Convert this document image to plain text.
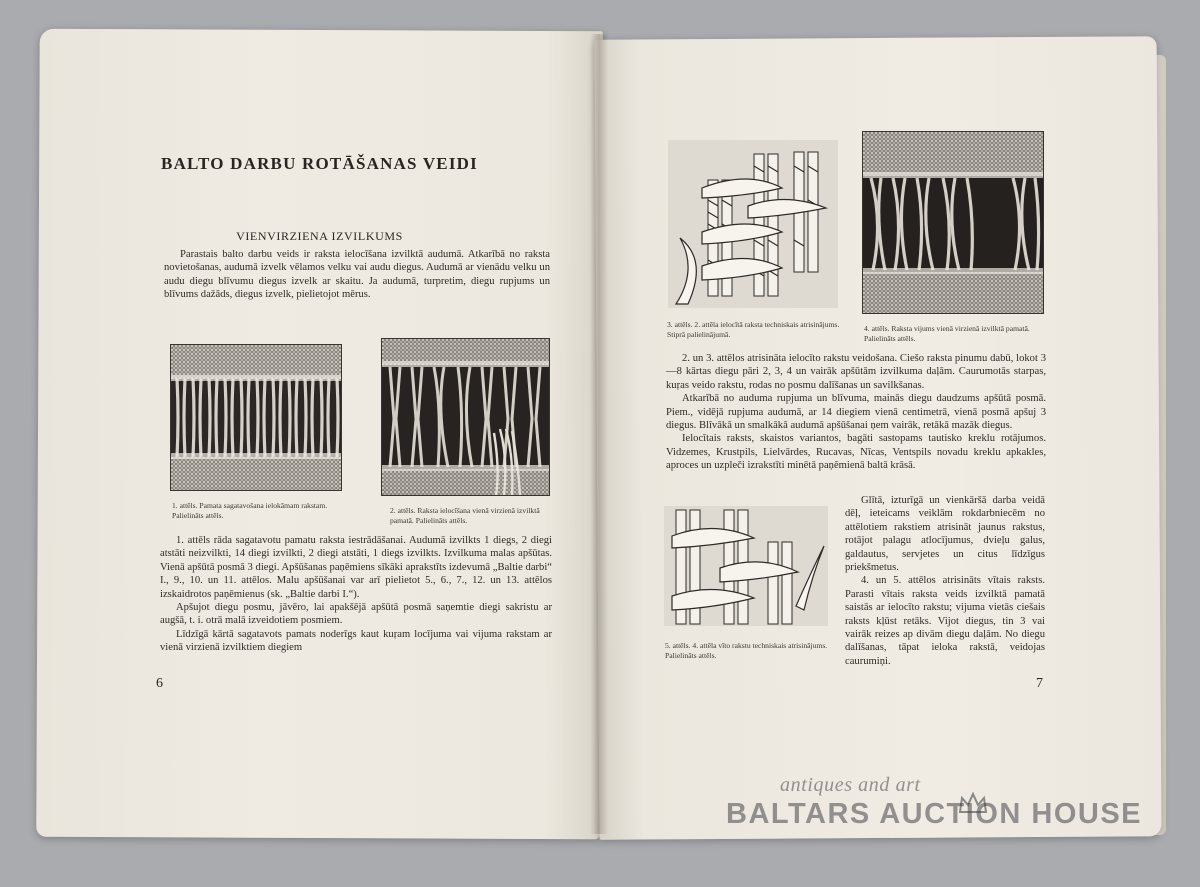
BALTO DARBU ROTĀŠANAS VEIDI
VIENVIRZIENA IZVILKUMS

Parastais balto darbu veids ir raksta ielocīšana izvilktā audumā. Atkarībā no raksta novietošanas, audumā izvelk vēlamos velku vai audu diegus. Audumā ar vienādu velku un audu diegu blīvumu diegus izvelk ar skaitu. Ja audumā, turpretim, diegu rupjums un blīvums dažāds, diegus izvelk, pielietojot mērus.

1. attēls. Pamata sagatavošana ielokāmam rakstam. Palielināts attēls.
2. attēls. Raksta ielocīšana vienā virzienā izvilktā pamatā. Palielināts attēls.

1. attēls rāda sagatavotu pamatu raksta iestrādāšanai. Audumā izvilkts 1 diegs, 2 diegi atstāti neizvilkti, 14 diegi izvilkti, 2 diegi atstāti, 1 diegs izvilkts. Izvilkuma malas apšūtas. Vienā apšūtā posmā 3 diegi. Apšūšanas paņēmiens sīkāki aprakstīts izdevumā „Baltie darbi“ I., 9., 10. un 11. attēlos. Malu apšūšanai var arī pielietot 5., 6., 7., 12. un 13. attēlos izskaidrotos paņēmienus (sk. „Baltie darbi I.“).

Apšujot diegu posmu, jāvēro, lai apakšējā apšūtā posmā saņemtie diegi sakristu ar augšā, t. i. otrā malā izveidotiem posmiem.

Līdzīgā kārtā sagatavots pamats noderīgs kaut kuŗam locījuma vai vijuma rakstam ar vienā virzienā izvilktiem diegiem

6
3. attēls. 2. attēla ielocītā raksta techniskais atrisinājums. Stiprā palielinājumā.
4. attēls. Raksta vijums vienā virzienā izvilktā pamatā. Palielināts attēls.

2. un 3. attēlos atrisināta ielocīto rakstu veidošana. Ciešo raksta pinumu dabū, lokot 3—8 kārtas diegu pāri 2, 3, 4 un vairāk apšūtām izvilkuma daļām. Caurumotās starpas, kuŗas veido rakstu, rodas no posmu dalīšanas un savilkšanas.

Atkarībā no auduma rupjuma un blīvuma, mainās diegu daudzums apšūtā posmā. Piem., vidējā rupjuma audumā, ar 14 diegiem vienā centimetrā, vienā posmā apšuj 3 diegus. Blīvākā un smalkākā audumā apšūšanai ņem vairāk, retākā mazāk diegus.

Ielocītais raksts, skaistos variantos, bagāti sastopams tautisko kreklu rotājumos. Vidzemes, Krustpils, Lielvārdes, Rucavas, Nīcas, Ventspils novadu kreklu apkakles, aproces un uzpleči izrakstīti minētā paņēmienā baltā krāsā.

5. attēls. 4. attēla vīto rakstu techniskais atrisinājums. Palielināts attēls.

Glītā, izturīgā un vienkāršā darba veidā dēļ, ieteicams veiklām rokdarbniecēm no attēlotiem rakstiem atrisināt jaunus rakstus, rotājot palagu atlocījumus, dvieļu galus, galdautus, servjetes un citus līdzīgus priekšmetus.

4. un 5. attēlos atrisināts vītais raksts. Parasti vītais raksta veids izvilktā pamatā saistās ar ielocīto rakstu; vijuma vietās ciešais raksts kļūst retāks. Vijot diegus, tin 3 vai vairāk reizes ap divām diegu daļām. No diegu dalīšanas, tāpat ieloka rakstā, veidojas caurumiņi.

7
antiques and art
BALTARS AUCTION HOUSE
